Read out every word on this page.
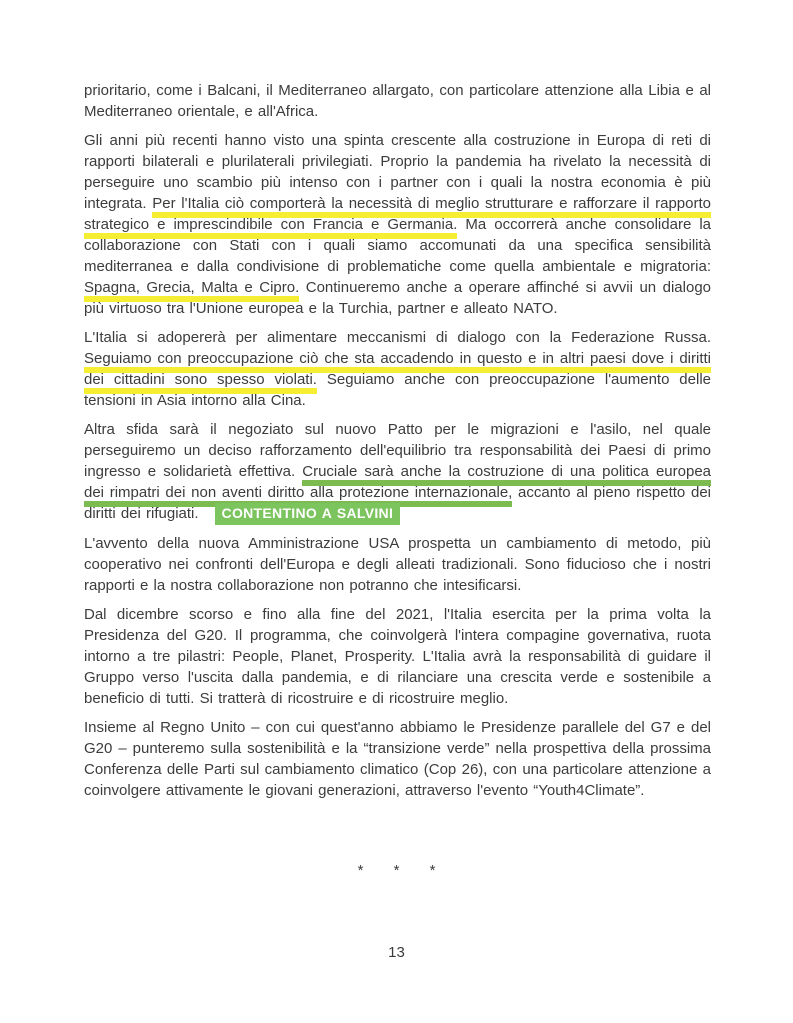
prioritario, come i Balcani, il Mediterraneo allargato, con particolare attenzione alla Libia e al Mediterraneo orientale, e all'Africa.

Gli anni più recenti hanno visto una spinta crescente alla costruzione in Europa di reti di rapporti bilaterali e plurilaterali privilegiati. Proprio la pandemia ha rivelato la necessità di perseguire uno scambio più intenso con i partner con i quali la nostra economia è più integrata. Per l'Italia ciò comporterà la necessità di meglio strutturare e rafforzare il rapporto strategico e imprescindibile con Francia e Germania. Ma occorrerà anche consolidare la collaborazione con Stati con i quali siamo accomunati da una specifica sensibilità mediterranea e dalla condivisione di problematiche come quella ambientale e migratoria: Spagna, Grecia, Malta e Cipro. Continueremo anche a operare affinché si avvii un dialogo più virtuoso tra l'Unione europea e la Turchia, partner e alleato NATO.

L'Italia si adopererà per alimentare meccanismi di dialogo con la Federazione Russa. Seguiamo con preoccupazione ciò che sta accadendo in questo e in altri paesi dove i diritti dei cittadini sono spesso violati. Seguiamo anche con preoccupazione l'aumento delle tensioni in Asia intorno alla Cina.

Altra sfida sarà il negoziato sul nuovo Patto per le migrazioni e l'asilo, nel quale perseguiremo un deciso rafforzamento dell'equilibrio tra responsabilità dei Paesi di primo ingresso e solidarietà effettiva. Cruciale sarà anche la costruzione di una politica europea dei rimpatri dei non aventi diritto alla protezione internazionale, accanto al pieno rispetto dei diritti dei rifugiati. CONTENTINO A SALVINI

L'avvento della nuova Amministrazione USA prospetta un cambiamento di metodo, più cooperativo nei confronti dell'Europa e degli alleati tradizionali. Sono fiducioso che i nostri rapporti e la nostra collaborazione non potranno che intesificarsi.

Dal dicembre scorso e fino alla fine del 2021, l'Italia esercita per la prima volta la Presidenza del G20. Il programma, che coinvolgerà l'intera compagine governativa, ruota intorno a tre pilastri: People, Planet, Prosperity. L'Italia avrà la responsabilità di guidare il Gruppo verso l'uscita dalla pandemia, e di rilanciare una crescita verde e sostenibile a beneficio di tutti. Si tratterà di ricostruire e di ricostruire meglio.

Insieme al Regno Unito – con cui quest'anno abbiamo le Presidenze parallele del G7 e del G20 – punteremo sulla sostenibilità e la “transizione verde” nella prospettiva della prossima Conferenza delle Parti sul cambiamento climatico (Cop 26), con una particolare attenzione a coinvolgere attivamente le giovani generazioni, attraverso l'evento “Youth4Climate”.

* * *
13
